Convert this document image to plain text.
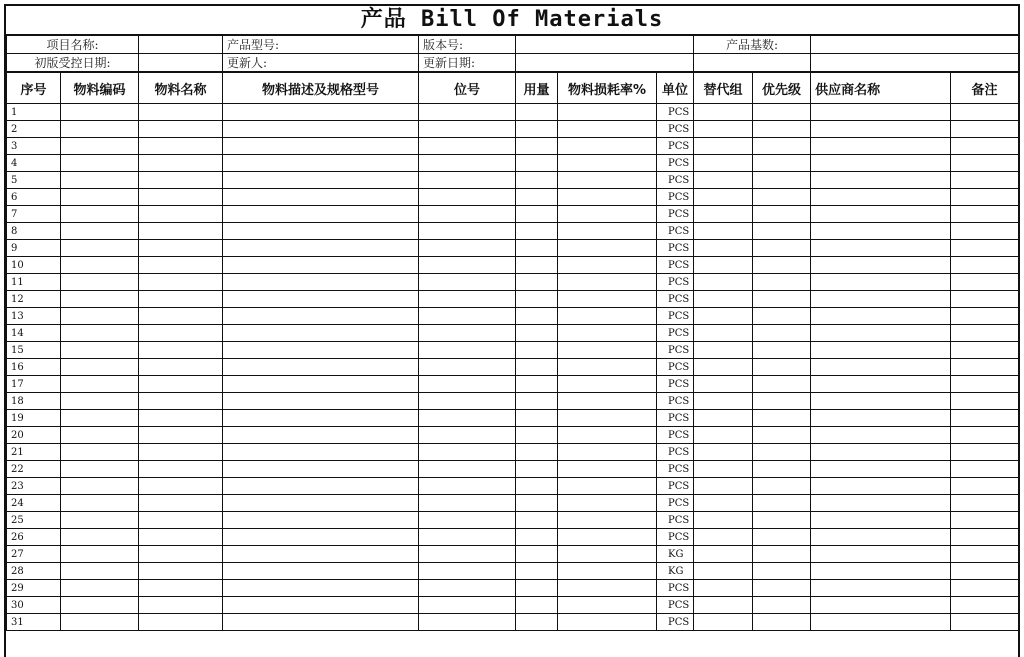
产品 Bill Of Materials
项目名称:			产品型号:	版本号:				产品基数:			
初版受控日期:			更新人:	更新日期:							
序号	物料编码	物料名称	物料描述及规格型号	位号	用量	物料损耗率%	单位	替代组	优先级	供应商名称	备注
1							PCS				
2							PCS				
3							PCS				
4							PCS				
5							PCS				
6							PCS				
7							PCS				
8							PCS				
9							PCS				
10							PCS				
11							PCS				
12							PCS				
13							PCS				
14							PCS				
15							PCS				
16							PCS				
17							PCS				
18							PCS				
19							PCS				
20							PCS				
21							PCS				
22							PCS				
23							PCS				
24							PCS				
25							PCS				
26							PCS				
27							KG				
28							KG				
29							PCS				
30							PCS				
31							PCS				
